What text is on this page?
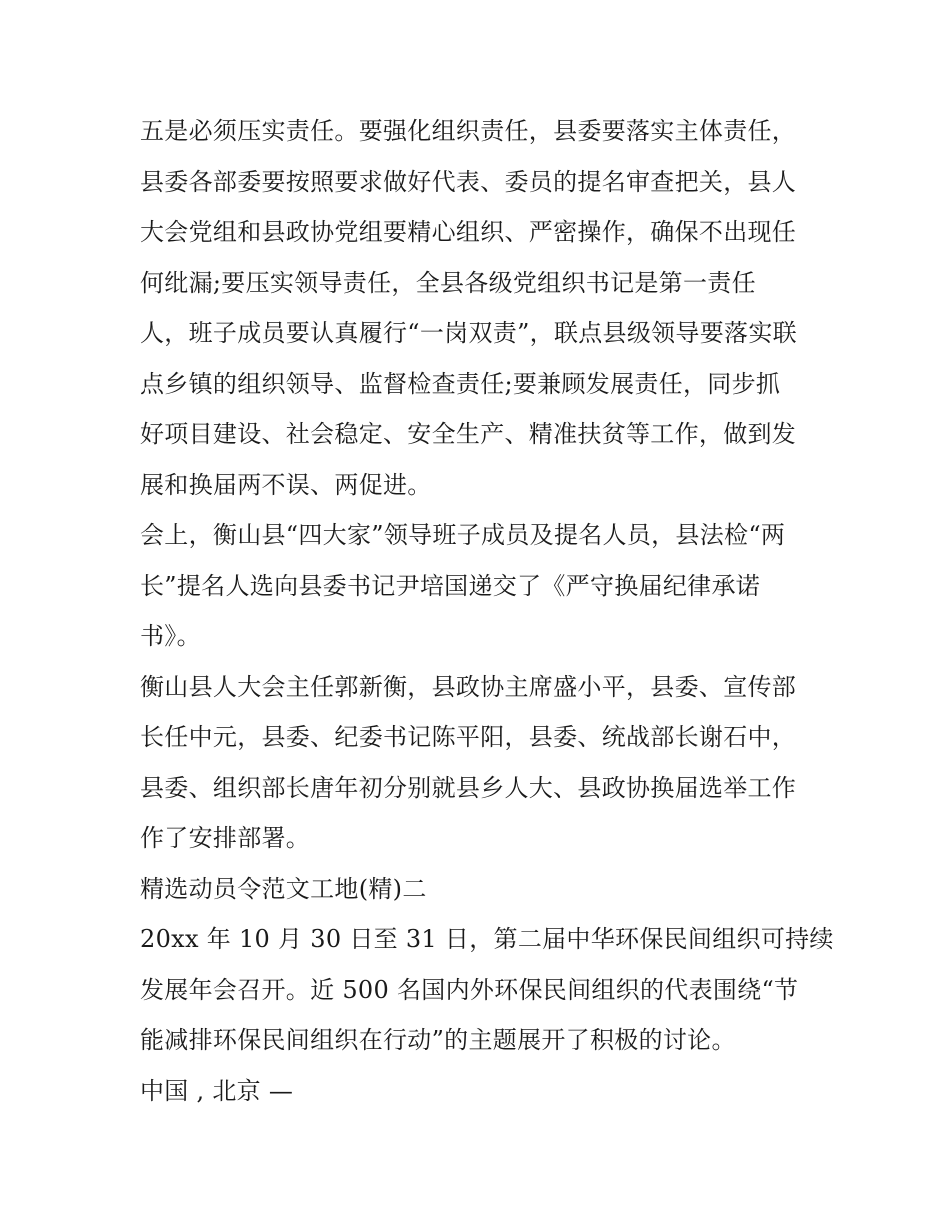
五是必须压实责任。要强化组织责任，县委要落实主体责任，
县委各部委要按照要求做好代表、委员的提名审查把关，县人
大会党组和县政协党组要精心组织、严密操作，确保不出现任
何纰漏;要压实领导责任，全县各级党组织书记是第一责任
人，班子成员要认真履行“一岗双责”，联点县级领导要落实联
点乡镇的组织领导、监督检查责任;要兼顾发展责任，同步抓
好项目建设、社会稳定、安全生产、精准扶贫等工作，做到发
展和换届两不误、两促进。
会上，衡山县“四大家”领导班子成员及提名人员，县法检“两
长”提名人选向县委书记尹培国递交了《严守换届纪律承诺
书》。
衡山县人大会主任郭新衡，县政协主席盛小平，县委、宣传部
长任中元，县委、纪委书记陈平阳，县委、统战部长谢石中，
县委、组织部长唐年初分别就县乡人大、县政协换届选举工作
作了安排部署。
精选动员令范文工地(精)二
20xx 年 10 月 30 日至 31 日，第二届中华环保民间组织可持续
发展年会召开。近 500 名国内外环保民间组织的代表围绕“节
能减排环保民间组织在行动”的主题展开了积极的讨论。
中国 , 北京 —
